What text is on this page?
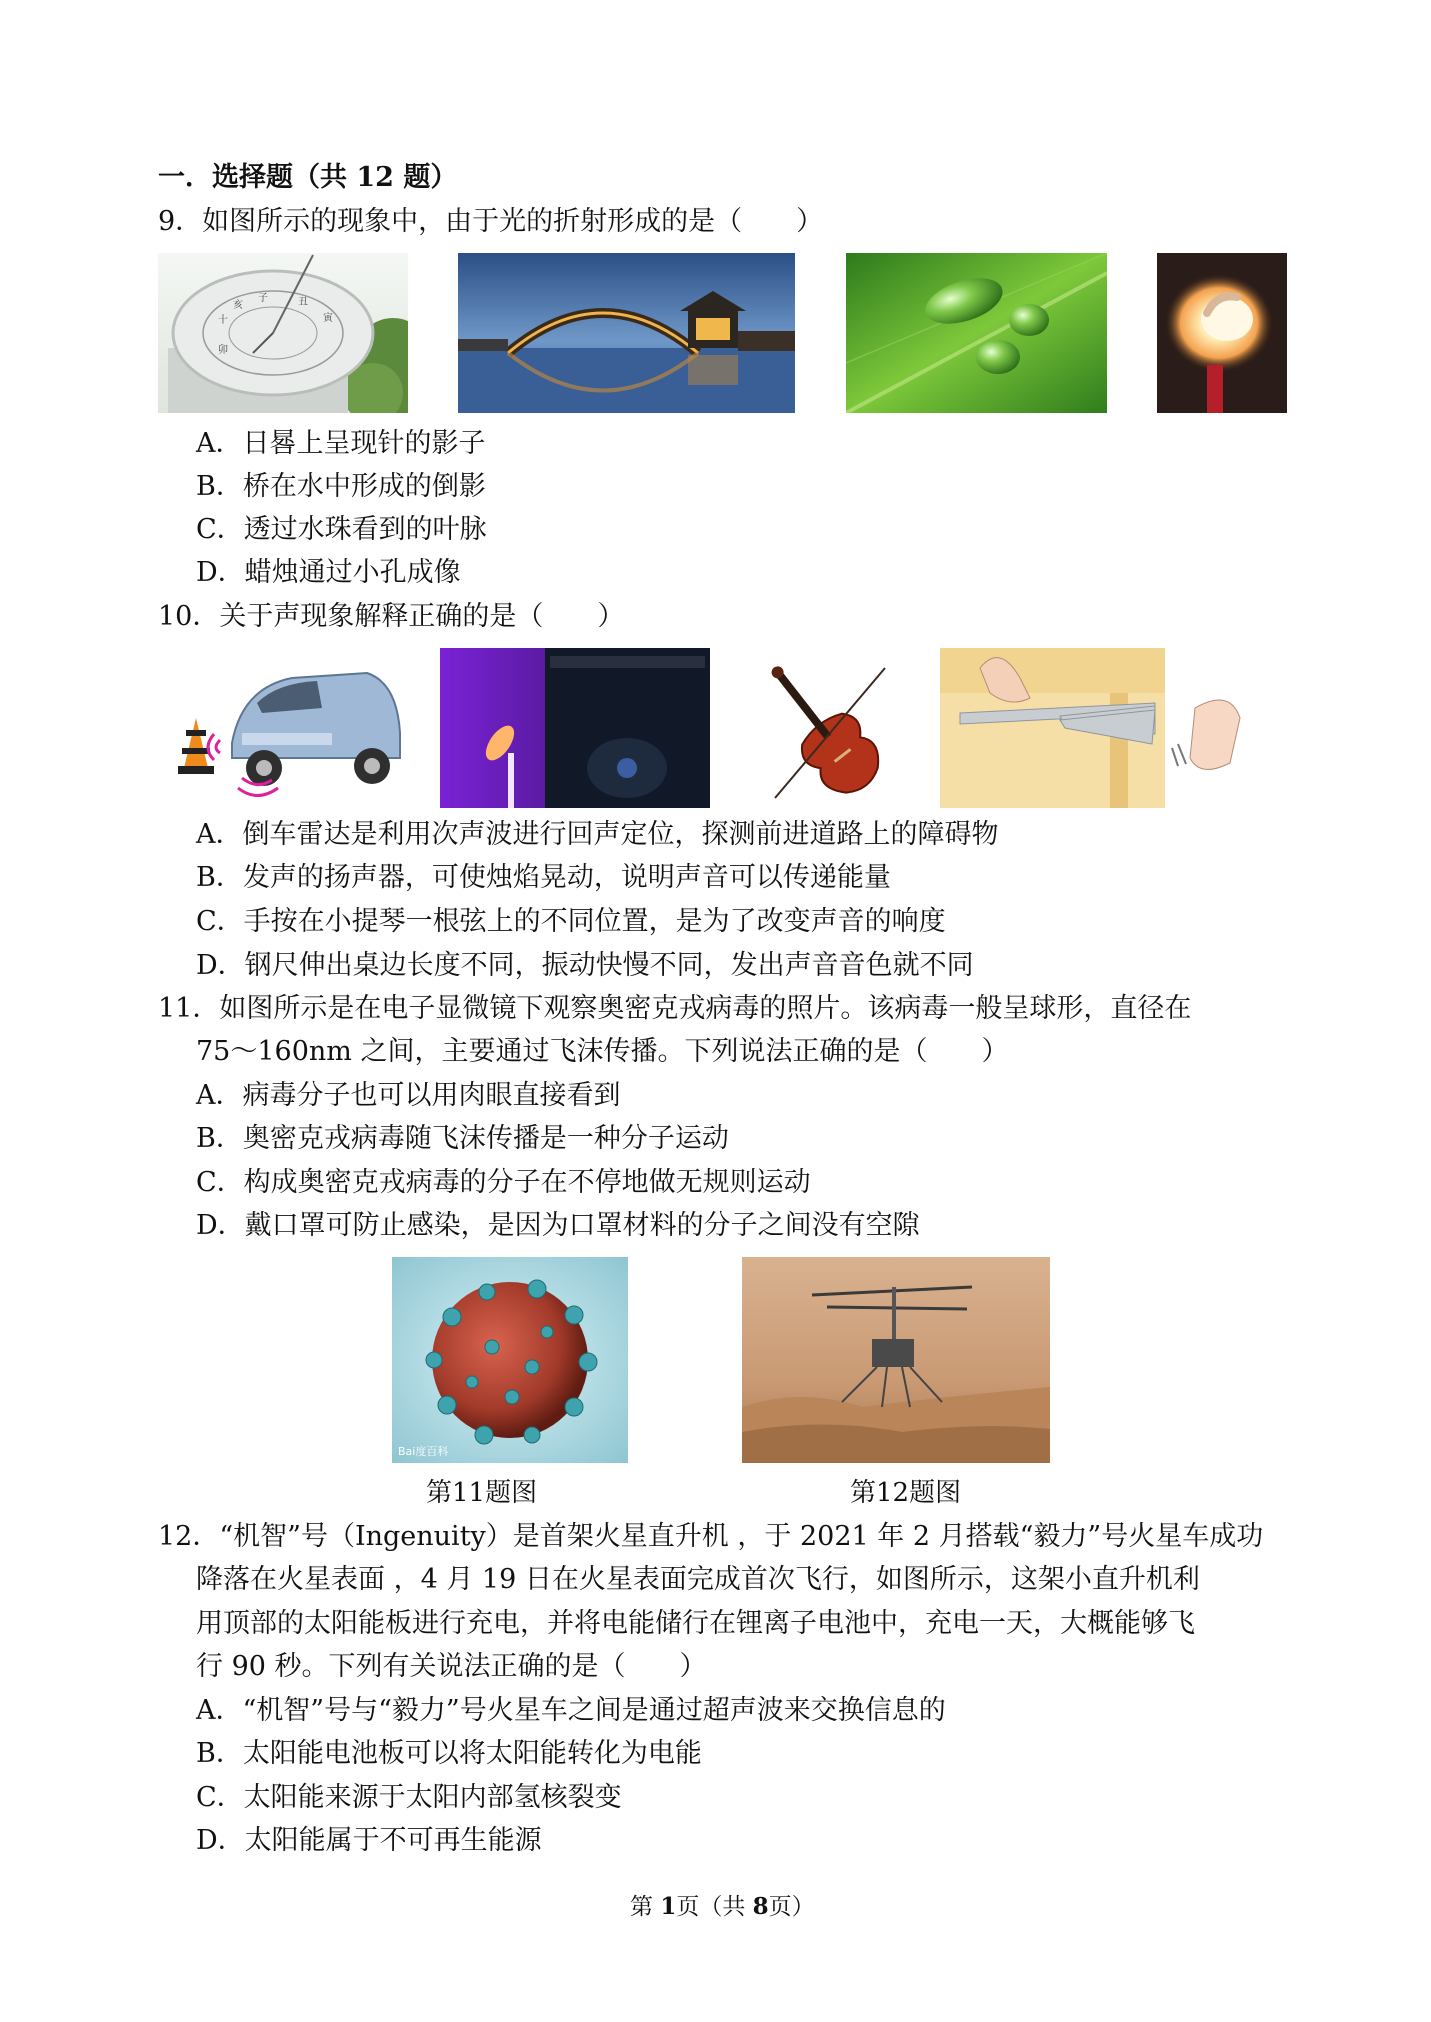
一．选择题（共 12 题）
9．如图所示的现象中，由于光的折射形成的是（　　）
十
亥
子	丑
寅
卯
A．日晷上呈现针的影子
B．桥在水中形成的倒影
C．透过水珠看到的叶脉
D．蜡烛通过小孔成像
10．关于声现象解释正确的是（　　）
A．倒车雷达是利用次声波进行回声定位，探测前进道路上的障碍物
B．发声的扬声器，可使烛焰晃动，说明声音可以传递能量
C．手按在小提琴一根弦上的不同位置，是为了改变声音的响度
D．钢尺伸出桌边长度不同，振动快慢不同，发出声音音色就不同
11．如图所示是在电子显微镜下观察奥密克戎病毒的照片。该病毒一般呈球形，直径在
75～160nm 之间，主要通过飞沫传播。下列说法正确的是（　　）
A．病毒分子也可以用肉眼直接看到
B．奥密克戎病毒随飞沫传播是一种分子运动
C．构成奥密克戎病毒的分子在不停地做无规则运动
D．戴口罩可防止感染，是因为口罩材料的分子之间没有空隙
Bai度百科
第11题图	第12题图
12．“机智”号（Ingenuity）是首架火星直升机 ，于 2021 年 2 月搭载“毅力”号火星车成功
降落在火星表面 ，4 月 19 日在火星表面完成首次飞行，如图所示，这架小直升机利
用顶部的太阳能板进行充电，并将电能储行在锂离子电池中，充电一天，大概能够飞
行 90 秒。下列有关说法正确的是（　　）
A．“机智”号与“毅力”号火星车之间是通过超声波来交换信息的
B．太阳能电池板可以将太阳能转化为电能
C．太阳能来源于太阳内部氢核裂变
D．太阳能属于不可再生能源
第 1页（共 8页）
